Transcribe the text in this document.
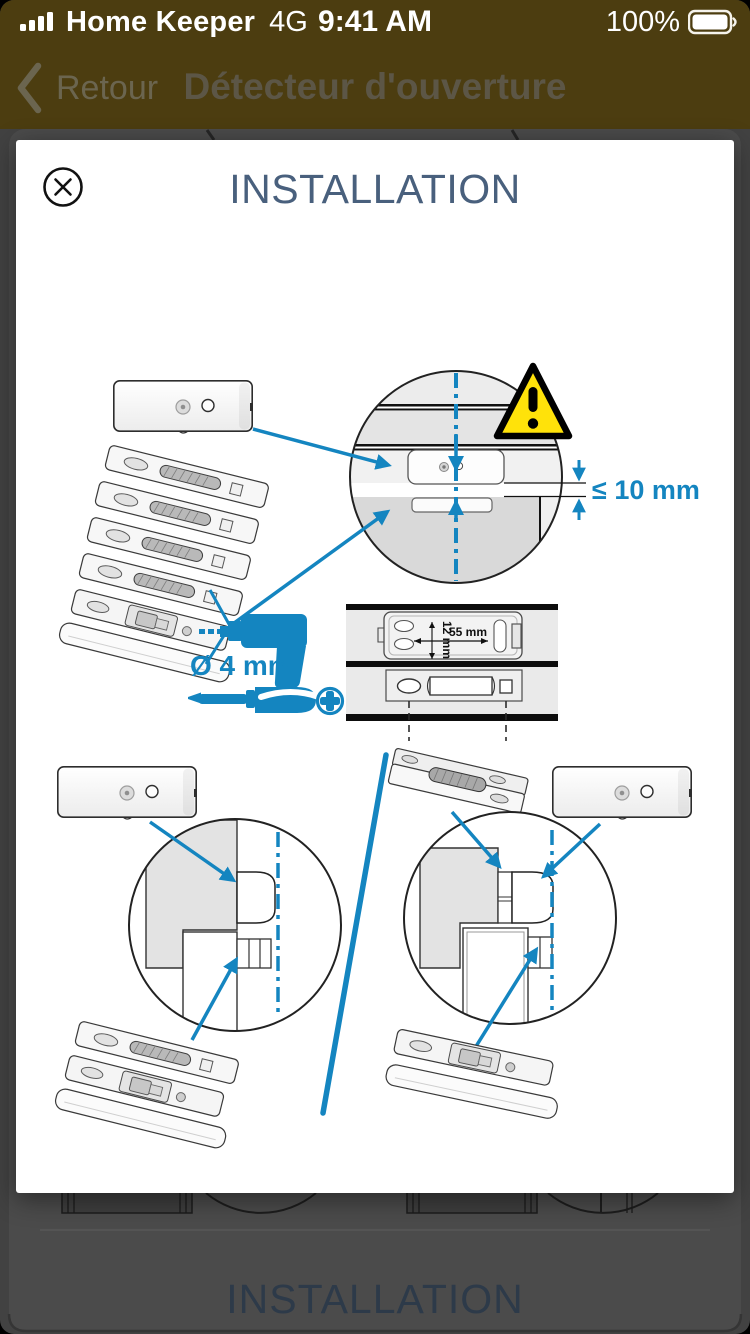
INSTALLATION
Home Keeper 4G 9:41 AM	100%
Retour Détecteur d'ouverture
INSTALLATION
≤ 10 mm
Ø 4 mm
55 mm
12 mm
